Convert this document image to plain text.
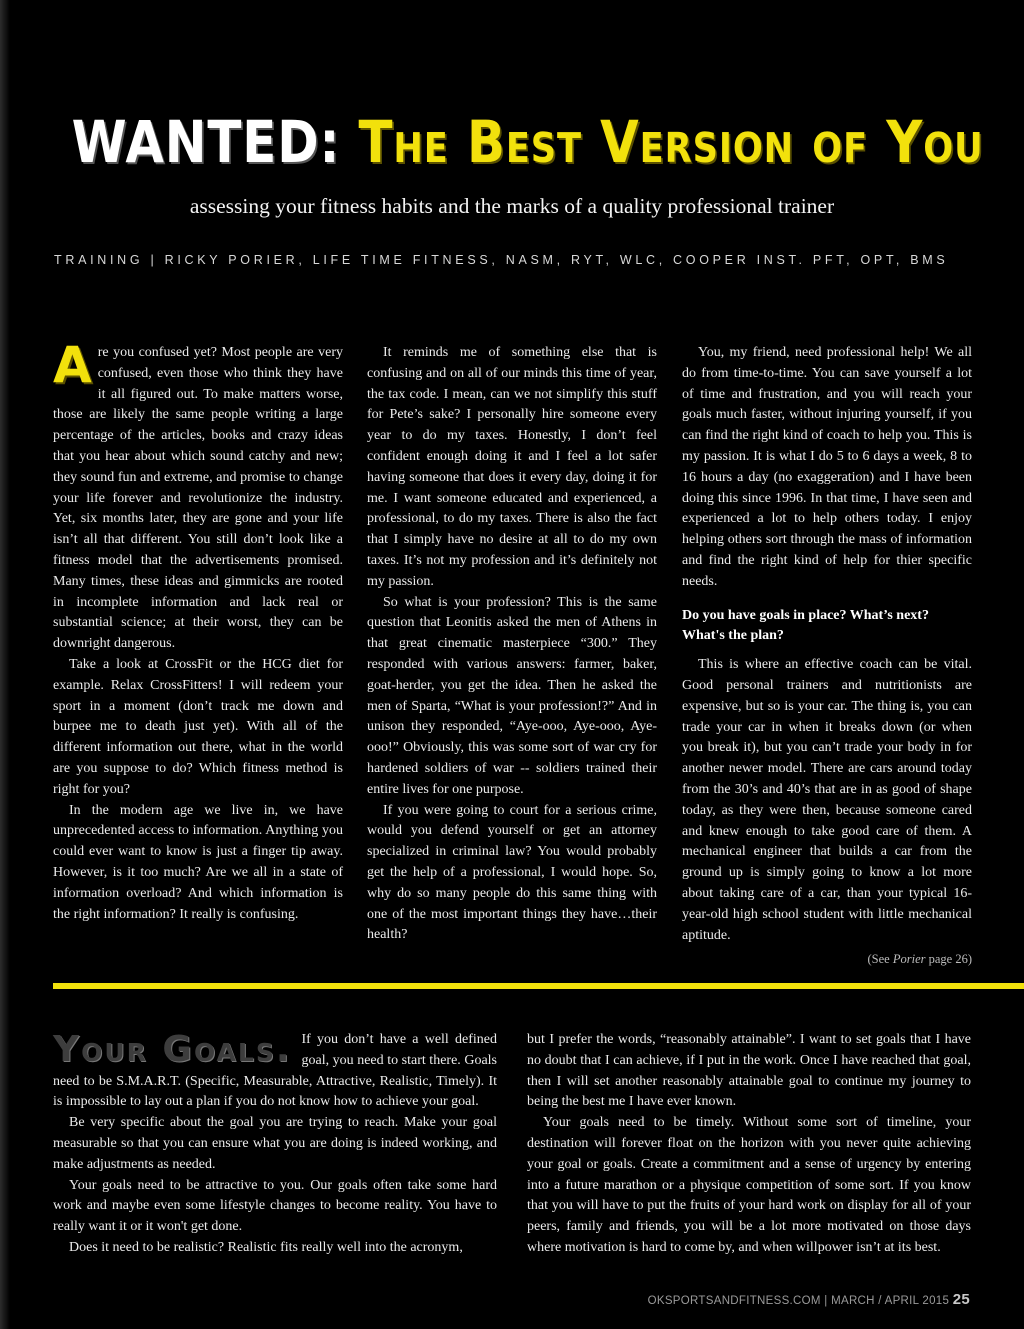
WANTED: The Best Version of You
assessing your fitness habits and the marks of a quality professional trainer
TRAINING | RICKY PORIER, LIFE TIME FITNESS, NASM, RYT, WLC, COOPER INST. PFT, OPT, BMS

Are you confused yet? Most people are very confused, even those who think they have it all figured out. To make matters worse, those are likely the same people writing a large percentage of the articles, books and crazy ideas that you hear about which sound catchy and new; they sound fun and extreme, and promise to change your life forever and revolutionize the industry. Yet, six months later, they are gone and your life isn’t all that different. You still don’t look like a fitness model that the advertisements promised. Many times, these ideas and gimmicks are rooted in incomplete information and lack real or substantial science; at their worst, they can be downright dangerous.

Take a look at CrossFit or the HCG diet for example. Relax CrossFitters! I will redeem your sport in a moment (don’t track me down and burpee me to death just yet). With all of the different information out there, what in the world are you suppose to do? Which fitness method is right for you?

In the modern age we live in, we have unprecedented access to information. Anything you could ever want to know is just a finger tip away. However, is it too much? Are we all in a state of information overload? And which information is the right information? It really is confusing.

It reminds me of something else that is confusing and on all of our minds this time of year, the tax code. I mean, can we not simplify this stuff for Pete’s sake? I personally hire someone every year to do my taxes. Honestly, I don’t feel confident enough doing it and I feel a lot safer having someone that does it every day, doing it for me. I want someone educated and experienced, a professional, to do my taxes. There is also the fact that I simply have no desire at all to do my own taxes. It’s not my profession and it’s definitely not my passion.

So what is your profession? This is the same question that Leonitis asked the men of Athens in that great cinematic masterpiece “300.” They responded with various answers: farmer, baker, goat-herder, you get the idea. Then he asked the men of Sparta, “What is your profession!?” And in unison they responded, “Aye-ooo, Aye-ooo, Aye-ooo!” Obviously, this was some sort of war cry for hardened soldiers of war -- soldiers trained their entire lives for one purpose.

If you were going to court for a serious crime, would you defend yourself or get an attorney specialized in criminal law? You would probably get the help of a professional, I would hope. So, why do so many people do this same thing with one of the most important things they have…their health?

You, my friend, need professional help! We all do from time-to-time. You can save yourself a lot of time and frustration, and you will reach your goals much faster, without injuring yourself, if you can find the right kind of coach to help you. This is my passion. It is what I do 5 to 6 days a week, 8 to 16 hours a day (no exaggeration) and I have been doing this since 1996. In that time, I have seen and experienced a lot to help others today. I enjoy helping others sort through the mass of information and find the right kind of help for thier specific needs.

Do you have goals in place? What’s next? What's the plan?

This is where an effective coach can be vital. Good personal trainers and nutritionists are expensive, but so is your car. The thing is, you can trade your car in when it breaks down (or when you break it), but you can’t trade your body in for another newer model. There are cars around today from the 30’s and 40’s that are in as good of shape today, as they were then, because someone cared and knew enough to take good care of them. A mechanical engineer that builds a car from the ground up is simply going to know a lot more about taking care of a car, than your typical 16-year-old high school student with little mechanical aptitude.

(See Porier page 26)

Your Goals. If you don’t have a well defined goal, you need to start there. Goals need to be S.M.A.R.T. (Specific, Measurable, Attractive, Realistic, Timely). It is impossible to lay out a plan if you do not know how to achieve your goal.

Be very specific about the goal you are trying to reach. Make your goal measurable so that you can ensure what you are doing is indeed working, and make adjustments as needed.

Your goals need to be attractive to you. Our goals often take some hard work and maybe even some lifestyle changes to become reality. You have to really want it or it won't get done.

Does it need to be realistic? Realistic fits really well into the acronym,

but I prefer the words, “reasonably attainable”. I want to set goals that I have no doubt that I can achieve, if I put in the work. Once I have reached that goal, then I will set another reasonably attainable goal to continue my journey to being the best me I have ever known.

Your goals need to be timely. Without some sort of timeline, your destination will forever float on the horizon with you never quite achieving your goal or goals. Create a commitment and a sense of urgency by entering into a future marathon or a physique competition of some sort. If you know that you will have to put the fruits of your hard work on display for all of your peers, family and friends, you will be a lot more motivated on those days where motivation is hard to come by, and when willpower isn’t at its best.

OKSPORTSANDFITNESS.COM | MARCH / APRIL 2015 25
